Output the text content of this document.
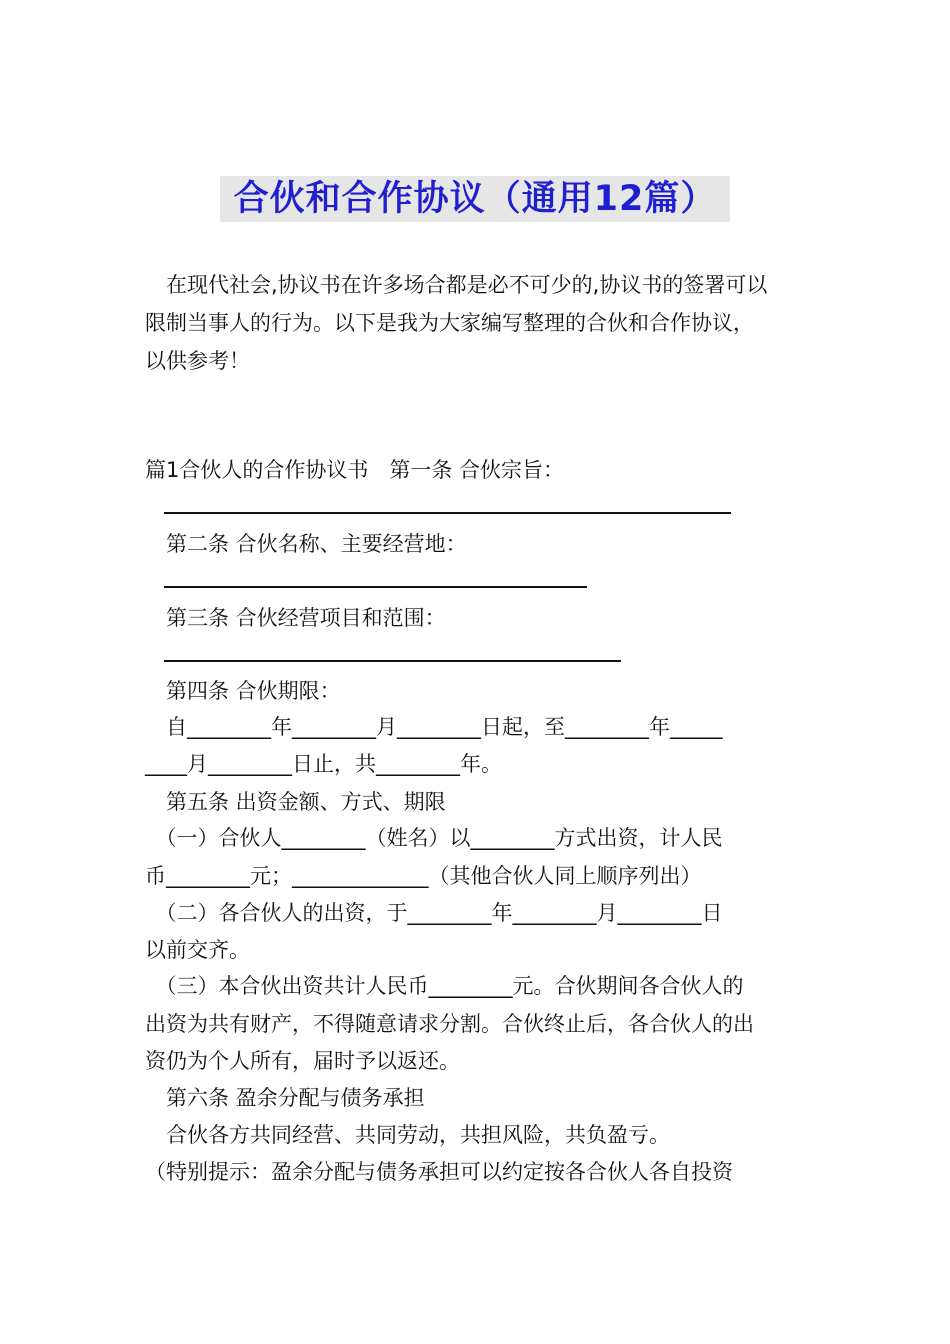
合伙和合作协议（通用12篇）
　在现代社会,协议书在许多场合都是必不可少的,协议书的签署可以
限制当事人的行为。以下是我为大家编写整理的合伙和合作协议，
以供参考！
篇1合伙人的合作协议书　第一条 合伙宗旨：
　第二条 合伙名称、主要经营地：
　第三条 合伙经营项目和范围：
　第四条 合伙期限：
　自________年________月________日起，至________年_____
____月________日止，共________年。
　第五条 出资金额、方式、期限
　（一）合伙人________（姓名）以________方式出资，计人民
币________元；_____________（其他合伙人同上顺序列出）
　（二）各合伙人的出资，于________年________月________日
以前交齐。
　（三）本合伙出资共计人民币________元。合伙期间各合伙人的
出资为共有财产，不得随意请求分割。合伙终止后，各合伙人的出
资仍为个人所有，届时予以返还。
　第六条 盈余分配与债务承担
　合伙各方共同经营、共同劳动，共担风险，共负盈亏。
（特别提示：盈余分配与债务承担可以约定按各合伙人各自投资
